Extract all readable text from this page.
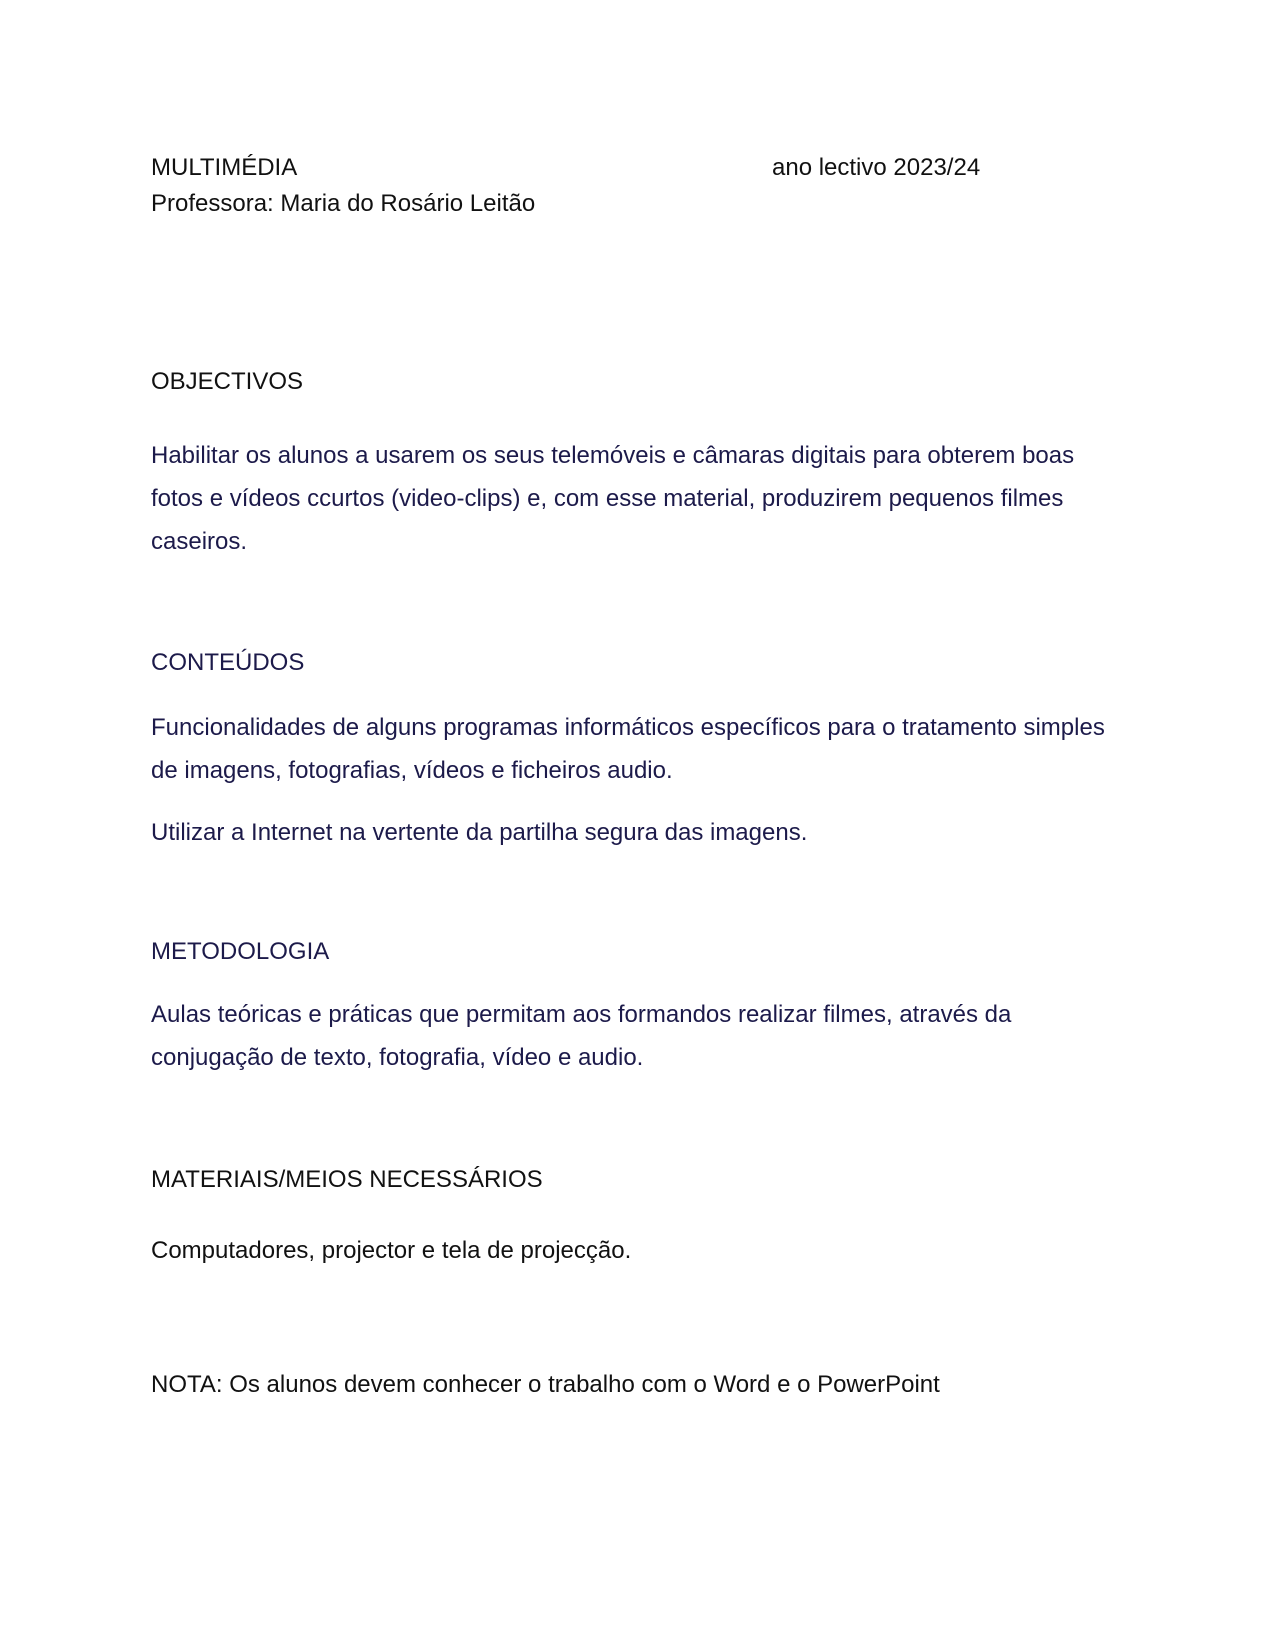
MULTIMÉDIA	ano lectivo 2023/24
Professora: Maria do Rosário Leitão
OBJECTIVOS
Habilitar os alunos a usarem os seus telemóveis e câmaras digitais para obterem boas fotos e vídeos ccurtos (video-clips) e, com esse material, produzirem pequenos filmes caseiros.
CONTEÚDOS
Funcionalidades de alguns programas informáticos específicos para o tratamento simples de imagens, fotografias, vídeos e ficheiros audio.
Utilizar a Internet na vertente da partilha segura das imagens.
METODOLOGIA
Aulas teóricas e práticas que permitam aos formandos realizar filmes, através da conjugação de texto, fotografia, vídeo e audio.
MATERIAIS/MEIOS NECESSÁRIOS
Computadores, projector e tela de projecção.
NOTA: Os alunos devem conhecer o trabalho com o Word e o PowerPoint
